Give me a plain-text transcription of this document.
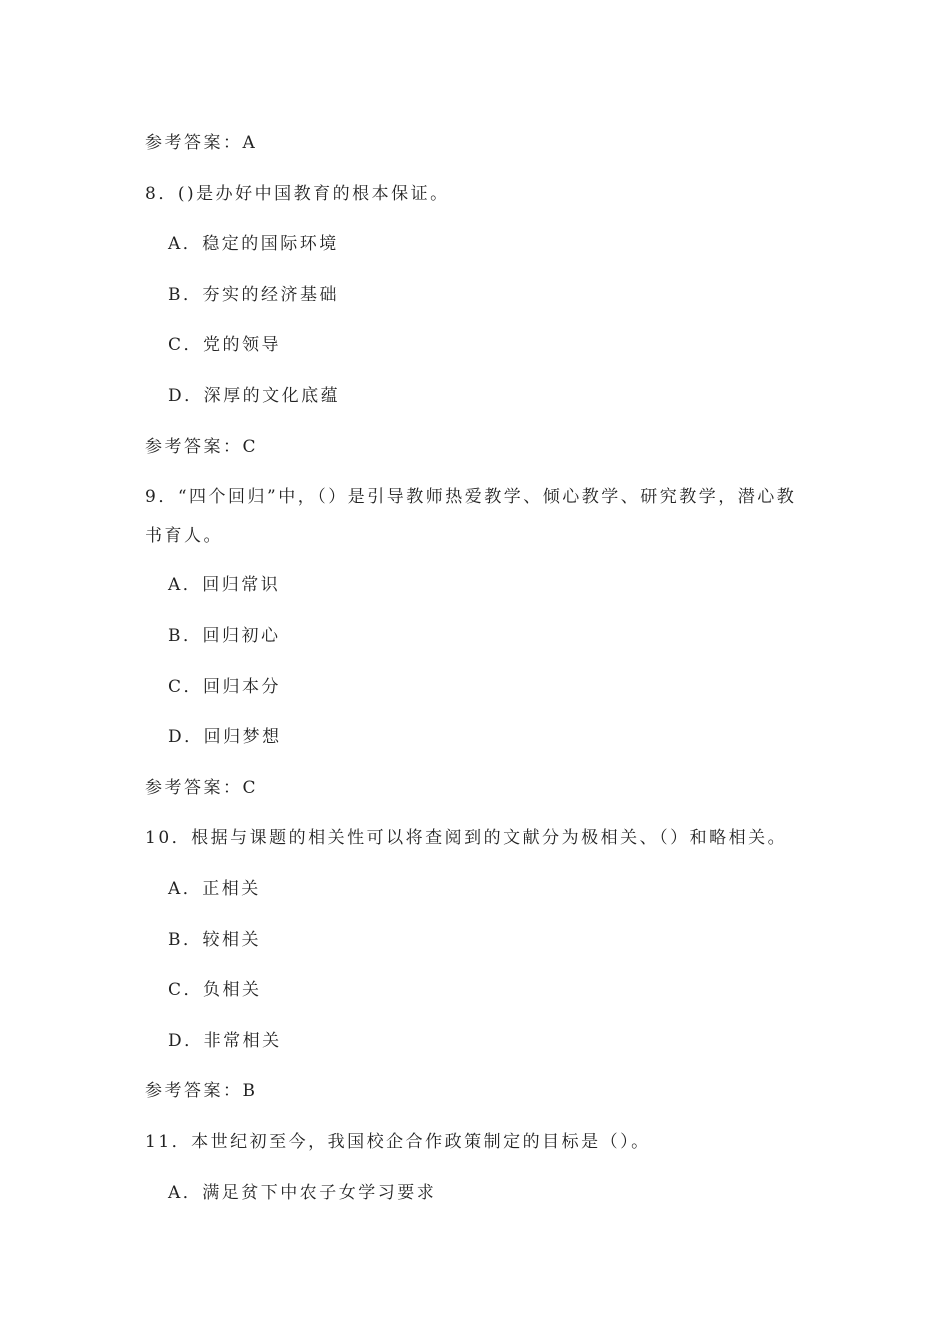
参考答案：A

8．()是办好中国教育的根本保证。

A．稳定的国际环境

B．夯实的经济基础

C．党的领导

D．深厚的文化底蕴

参考答案：C

9．“四个回归”中，（）是引导教师热爱教学、倾心教学、研究教学，潜心教

书育人。

A．回归常识

B．回归初心

C．回归本分

D．回归梦想

参考答案：C

10．根据与课题的相关性可以将查阅到的文献分为极相关、（）和略相关。

A．正相关

B．较相关

C．负相关

D．非常相关

参考答案：B

11．本世纪初至今，我国校企合作政策制定的目标是（）。

A．满足贫下中农子女学习要求
